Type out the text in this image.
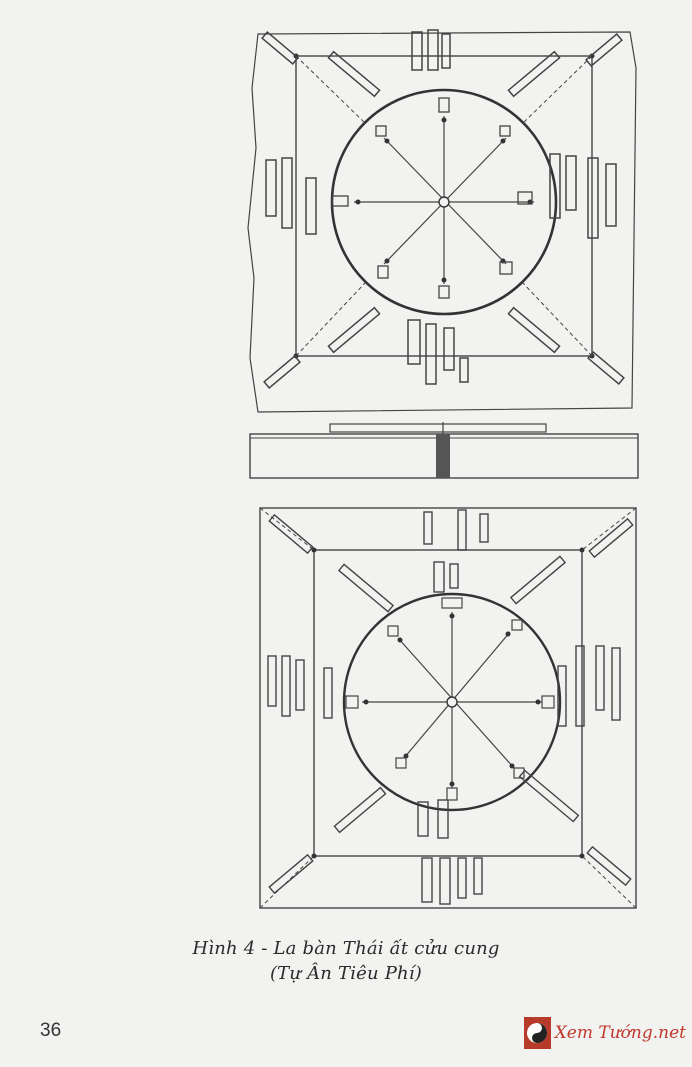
Hình 4 - La bàn Thái ất cửu cung
(Tự Ân Tiêu Phí)
36	Xem Tướng.net
